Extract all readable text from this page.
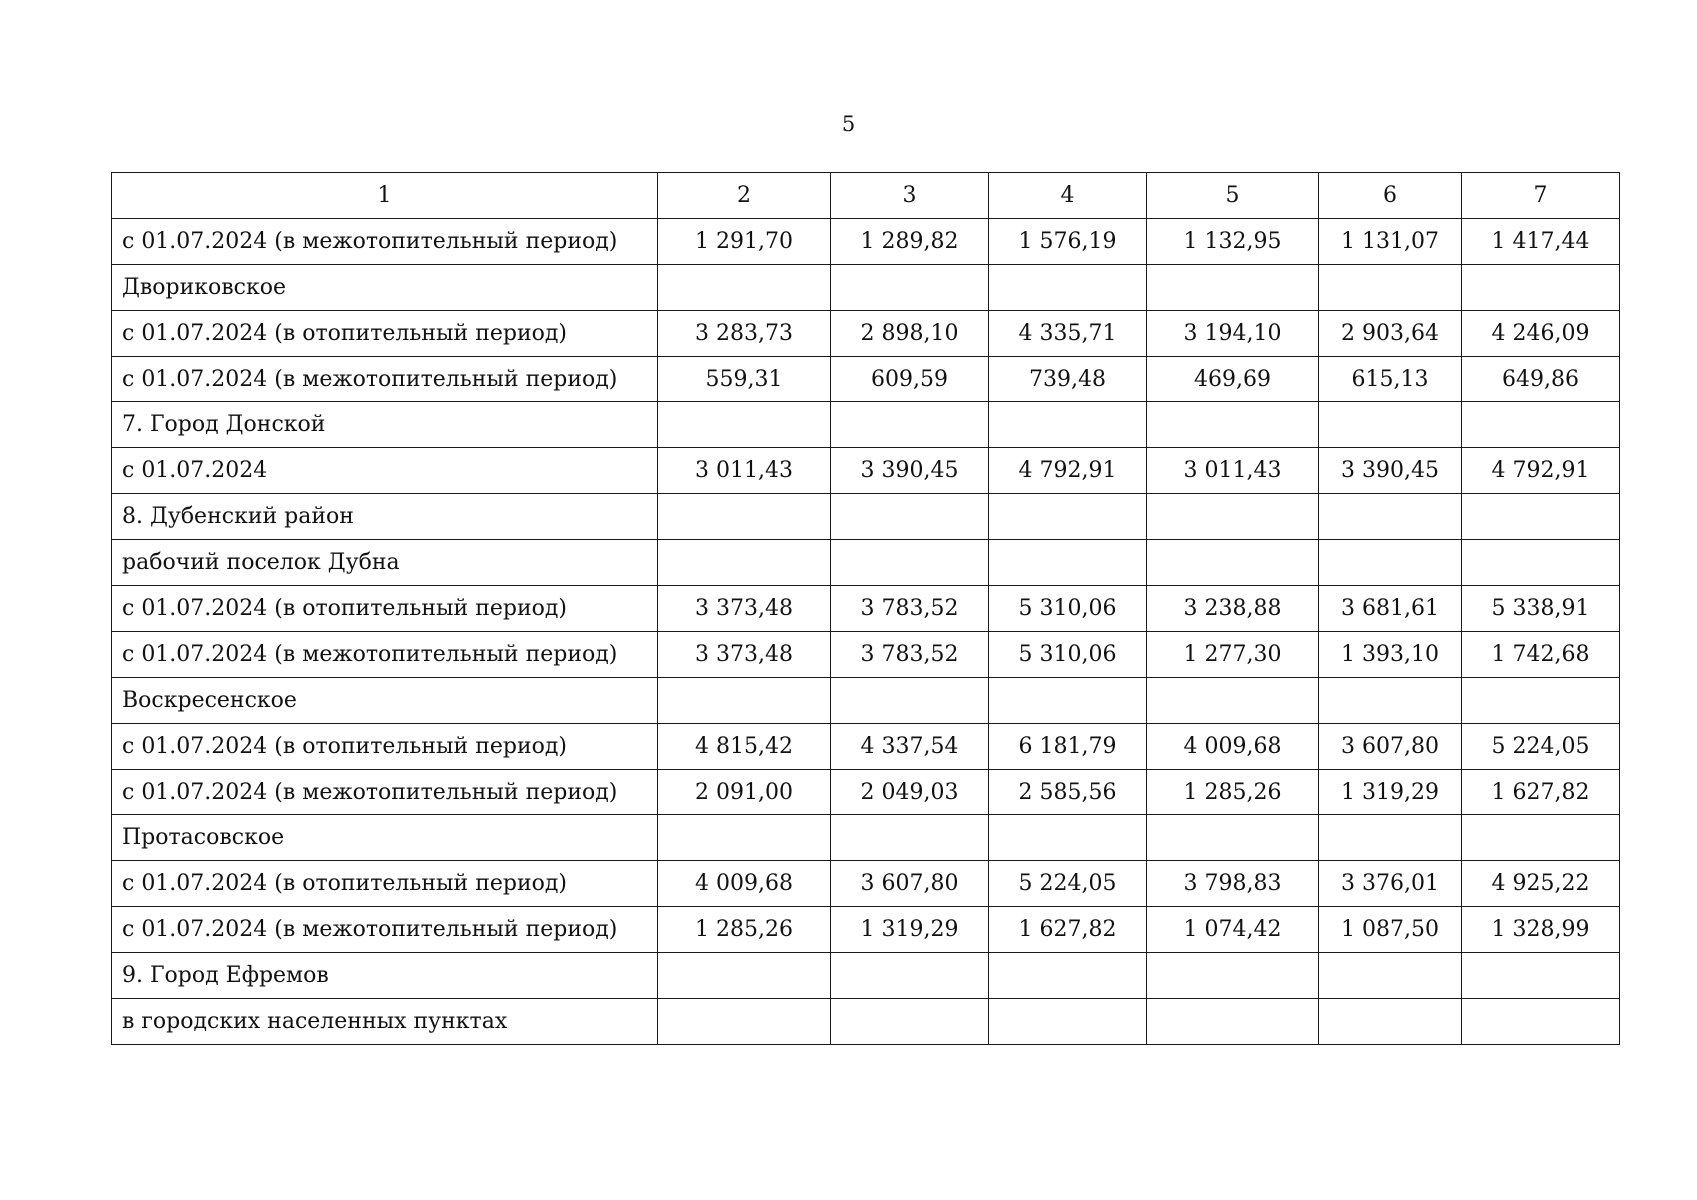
5
1	2	3	4	5	6	7
с 01.07.2024 (в межотопительный период)	1 291,70	1 289,82	1 576,19	1 132,95	1 131,07	1 417,44
Двориковское						
с 01.07.2024 (в отопительный период)	3 283,73	2 898,10	4 335,71	3 194,10	2 903,64	4 246,09
с 01.07.2024 (в межотопительный период)	559,31	609,59	739,48	469,69	615,13	649,86
7. Город Донской						
с 01.07.2024	3 011,43	3 390,45	4 792,91	3 011,43	3 390,45	4 792,91
8. Дубенский район						
рабочий поселок Дубна						
с 01.07.2024 (в отопительный период)	3 373,48	3 783,52	5 310,06	3 238,88	3 681,61	5 338,91
с 01.07.2024 (в межотопительный период)	3 373,48	3 783,52	5 310,06	1 277,30	1 393,10	1 742,68
Воскресенское						
с 01.07.2024 (в отопительный период)	4 815,42	4 337,54	6 181,79	4 009,68	3 607,80	5 224,05
с 01.07.2024 (в межотопительный период)	2 091,00	2 049,03	2 585,56	1 285,26	1 319,29	1 627,82
Протасовское						
с 01.07.2024 (в отопительный период)	4 009,68	3 607,80	5 224,05	3 798,83	3 376,01	4 925,22
с 01.07.2024 (в межотопительный период)	1 285,26	1 319,29	1 627,82	1 074,42	1 087,50	1 328,99
9. Город Ефремов						
в городских населенных пунктах						
